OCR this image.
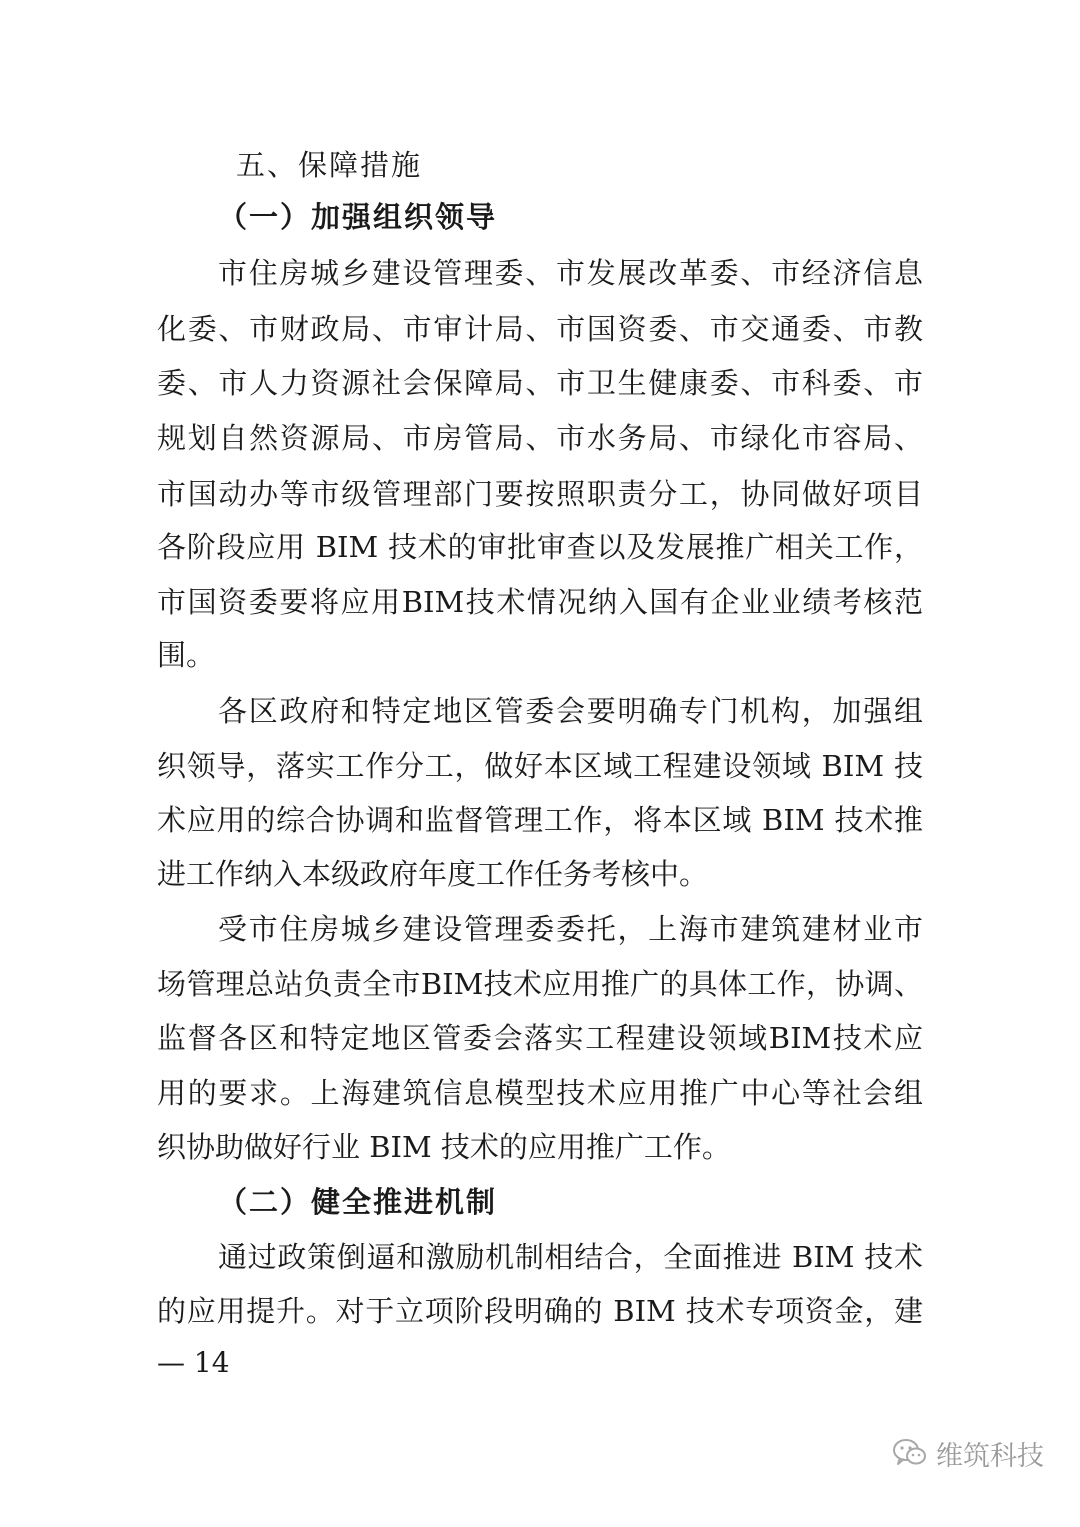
五、保障措施
（一）加强组织领导
市住房城乡建设管理委、市发展改革委、市经济信息
化委、市财政局、市审计局、市国资委、市交通委、市教
委、市人力资源社会保障局、市卫生健康委、市科委、市
规划自然资源局、市房管局、市水务局、市绿化市容局、
市国动办等市级管理部门要按照职责分工，协同做好项目
各阶段应用 BIM 技术的审批审查以及发展推广相关工作，
市国资委要将应用BIM技术情况纳入国有企业业绩考核范
围。
各区政府和特定地区管委会要明确专门机构，加强组
织领导，落实工作分工，做好本区域工程建设领域 BIM 技
术应用的综合协调和监督管理工作，将本区域 BIM 技术推
进工作纳入本级政府年度工作任务考核中。
受市住房城乡建设管理委委托，上海市建筑建材业市
场管理总站负责全市BIM技术应用推广的具体工作，协调、
监督各区和特定地区管委会落实工程建设领域BIM技术应
用的要求。上海建筑信息模型技术应用推广中心等社会组
织协助做好行业 BIM 技术的应用推广工作。
（二）健全推进机制
通过政策倒逼和激励机制相结合，全面推进 BIM 技术
的应用提升。对于立项阶段明确的 BIM 技术专项资金，建
— 14
维筑科技
